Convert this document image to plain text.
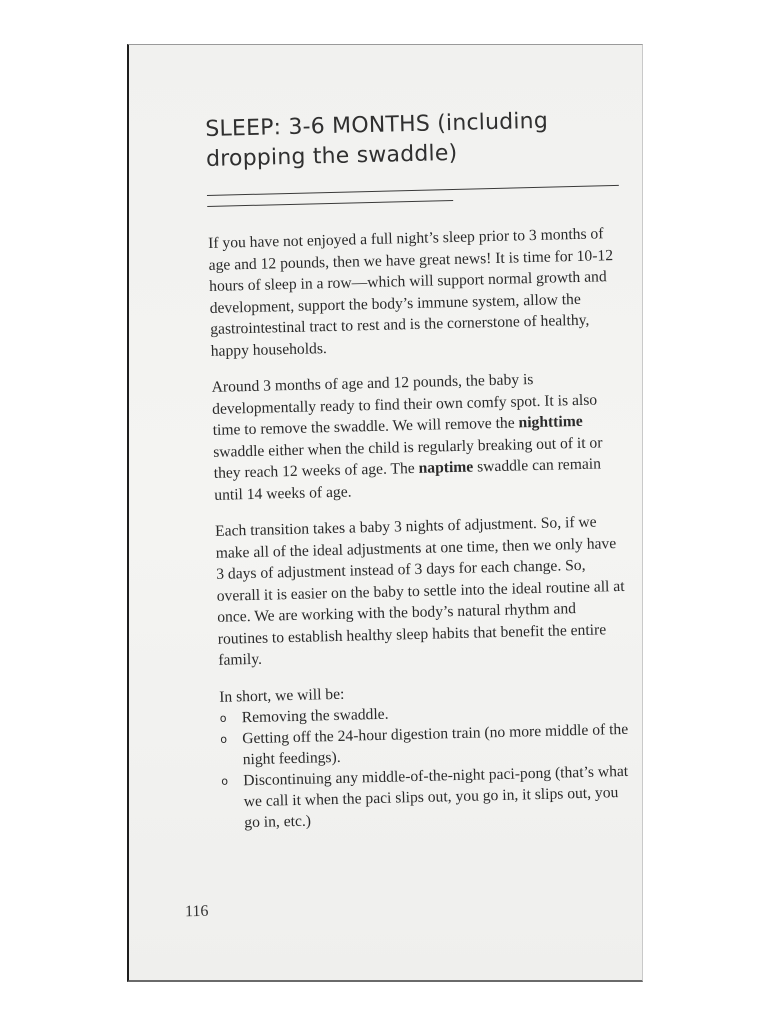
SLEEP: 3-6 MONTHS (including dropping the swaddle)

If you have not enjoyed a full night’s sleep prior to 3 months of age and 12 pounds, then we have great news! It is time for 10-12 hours of sleep in a row—which will support normal growth and development, support the body’s immune system, allow the gastrointestinal tract to rest and is the cornerstone of healthy, happy households.

Around 3 months of age and 12 pounds, the baby is developmentally ready to find their own comfy spot. It is also time to remove the swaddle. We will remove the nighttime swaddle either when the child is regularly breaking out of it or they reach 12 weeks of age. The naptime swaddle can remain until 14 weeks of age.

Each transition takes a baby 3 nights of adjustment. So, if we make all of the ideal adjustments at one time, then we only have 3 days of adjustment instead of 3 days for each change. So, overall it is easier on the baby to settle into the ideal routine all at once. We are working with the body’s natural rhythm and routines to establish healthy sleep habits that benefit the entire family.

In short, we will be:

o Removing the swaddle.
o Getting off the 24-hour digestion train (no more middle of the night feedings).
o Discontinuing any middle-of-the-night paci-pong (that’s what we call it when the paci slips out, you go in, it slips out, you go in, etc.)
116
